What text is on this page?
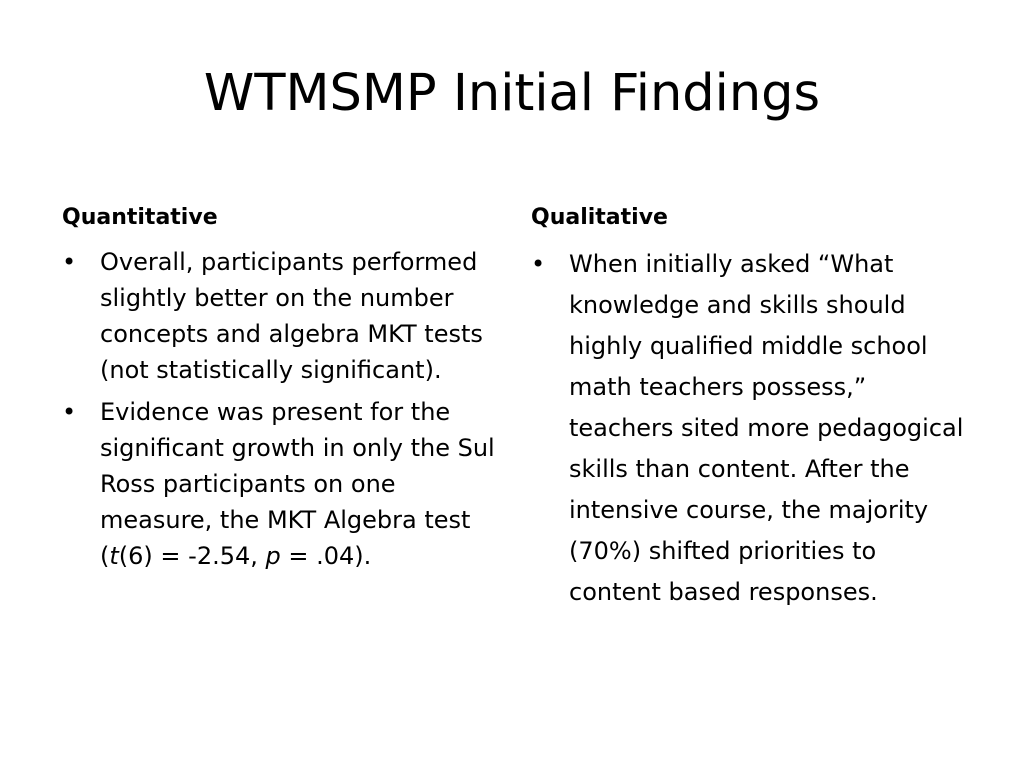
WTMSMP Initial Findings
Quantitative
• Overall, participants performed slightly better on the number concepts and algebra MKT tests (not statistically significant).
• Evidence was present for the significant growth in only the Sul Ross participants on one measure, the MKT Algebra test (t(6) = -2.54, p = .04).
Qualitative
• When initially asked “What knowledge and skills should highly qualified middle school math teachers possess,” teachers sited more pedagogical skills than content. After the intensive course, the majority (70%) shifted priorities to content based responses.
